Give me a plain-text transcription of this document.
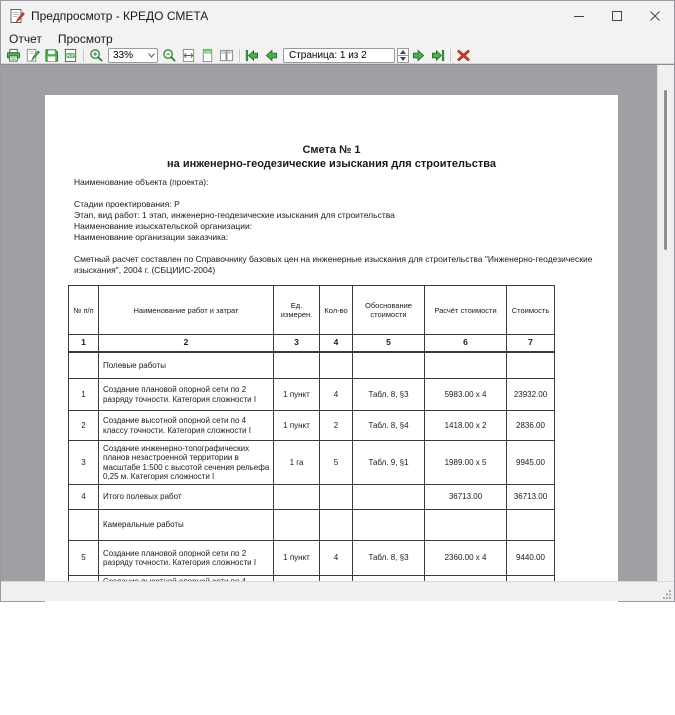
Предпросмотр - КРЕДО СМЕТА
Отчет	Просмотр
PDF	33%	Страница: 1 из 2
Смета № 1
на инженерно-геодезические изыскания для строительства
Наименование объекта (проекта):
Стадии проектирования: Р
Этап, вид работ: 1 этап, инженерно-геодезические изыскания для строительства
Наименование изыскательской организации:
Наименование организации заказчика:
Сметный расчет составлен по Справочнику базовых цен на инженерные изыскания для строительства "Инженерно-геодезические изыскания", 2004 г. (СБЦИИС-2004)
№ п/п	Наименование работ и затрат	Ед. измерен.	Кол-во	Обоснование стоимости	Расчёт стоимости	Стоимость
1	2	3	4	5	6	7
	Полевые работы					
1	Создание плановой опорной сети по 2 разряду точности. Категория сложности I	1 пункт	4	Табл. 8, §3	5983.00 x 4	23932.00
2	Создание высотной опорной сети по 4 классу точности. Категория сложности I	1 пункт	2	Табл. 8, §4	1418.00 x 2	2836.00
3	Создание инженерно-топографических планов незастроенной территории в масштабе 1:500 с высотой сечения рельефа 0,25 м. Категория сложности I	1 га	5	Табл. 9, §1	1989.00 x 5	9945.00
4	Итого полевых работ				36713.00	36713.00
	Камеральные работы					
5	Создание плановой опорной сети по 2 разряду точности. Категория сложности I	1 пункт	4	Табл. 8, §3	2360.00 x 4	9440.00
